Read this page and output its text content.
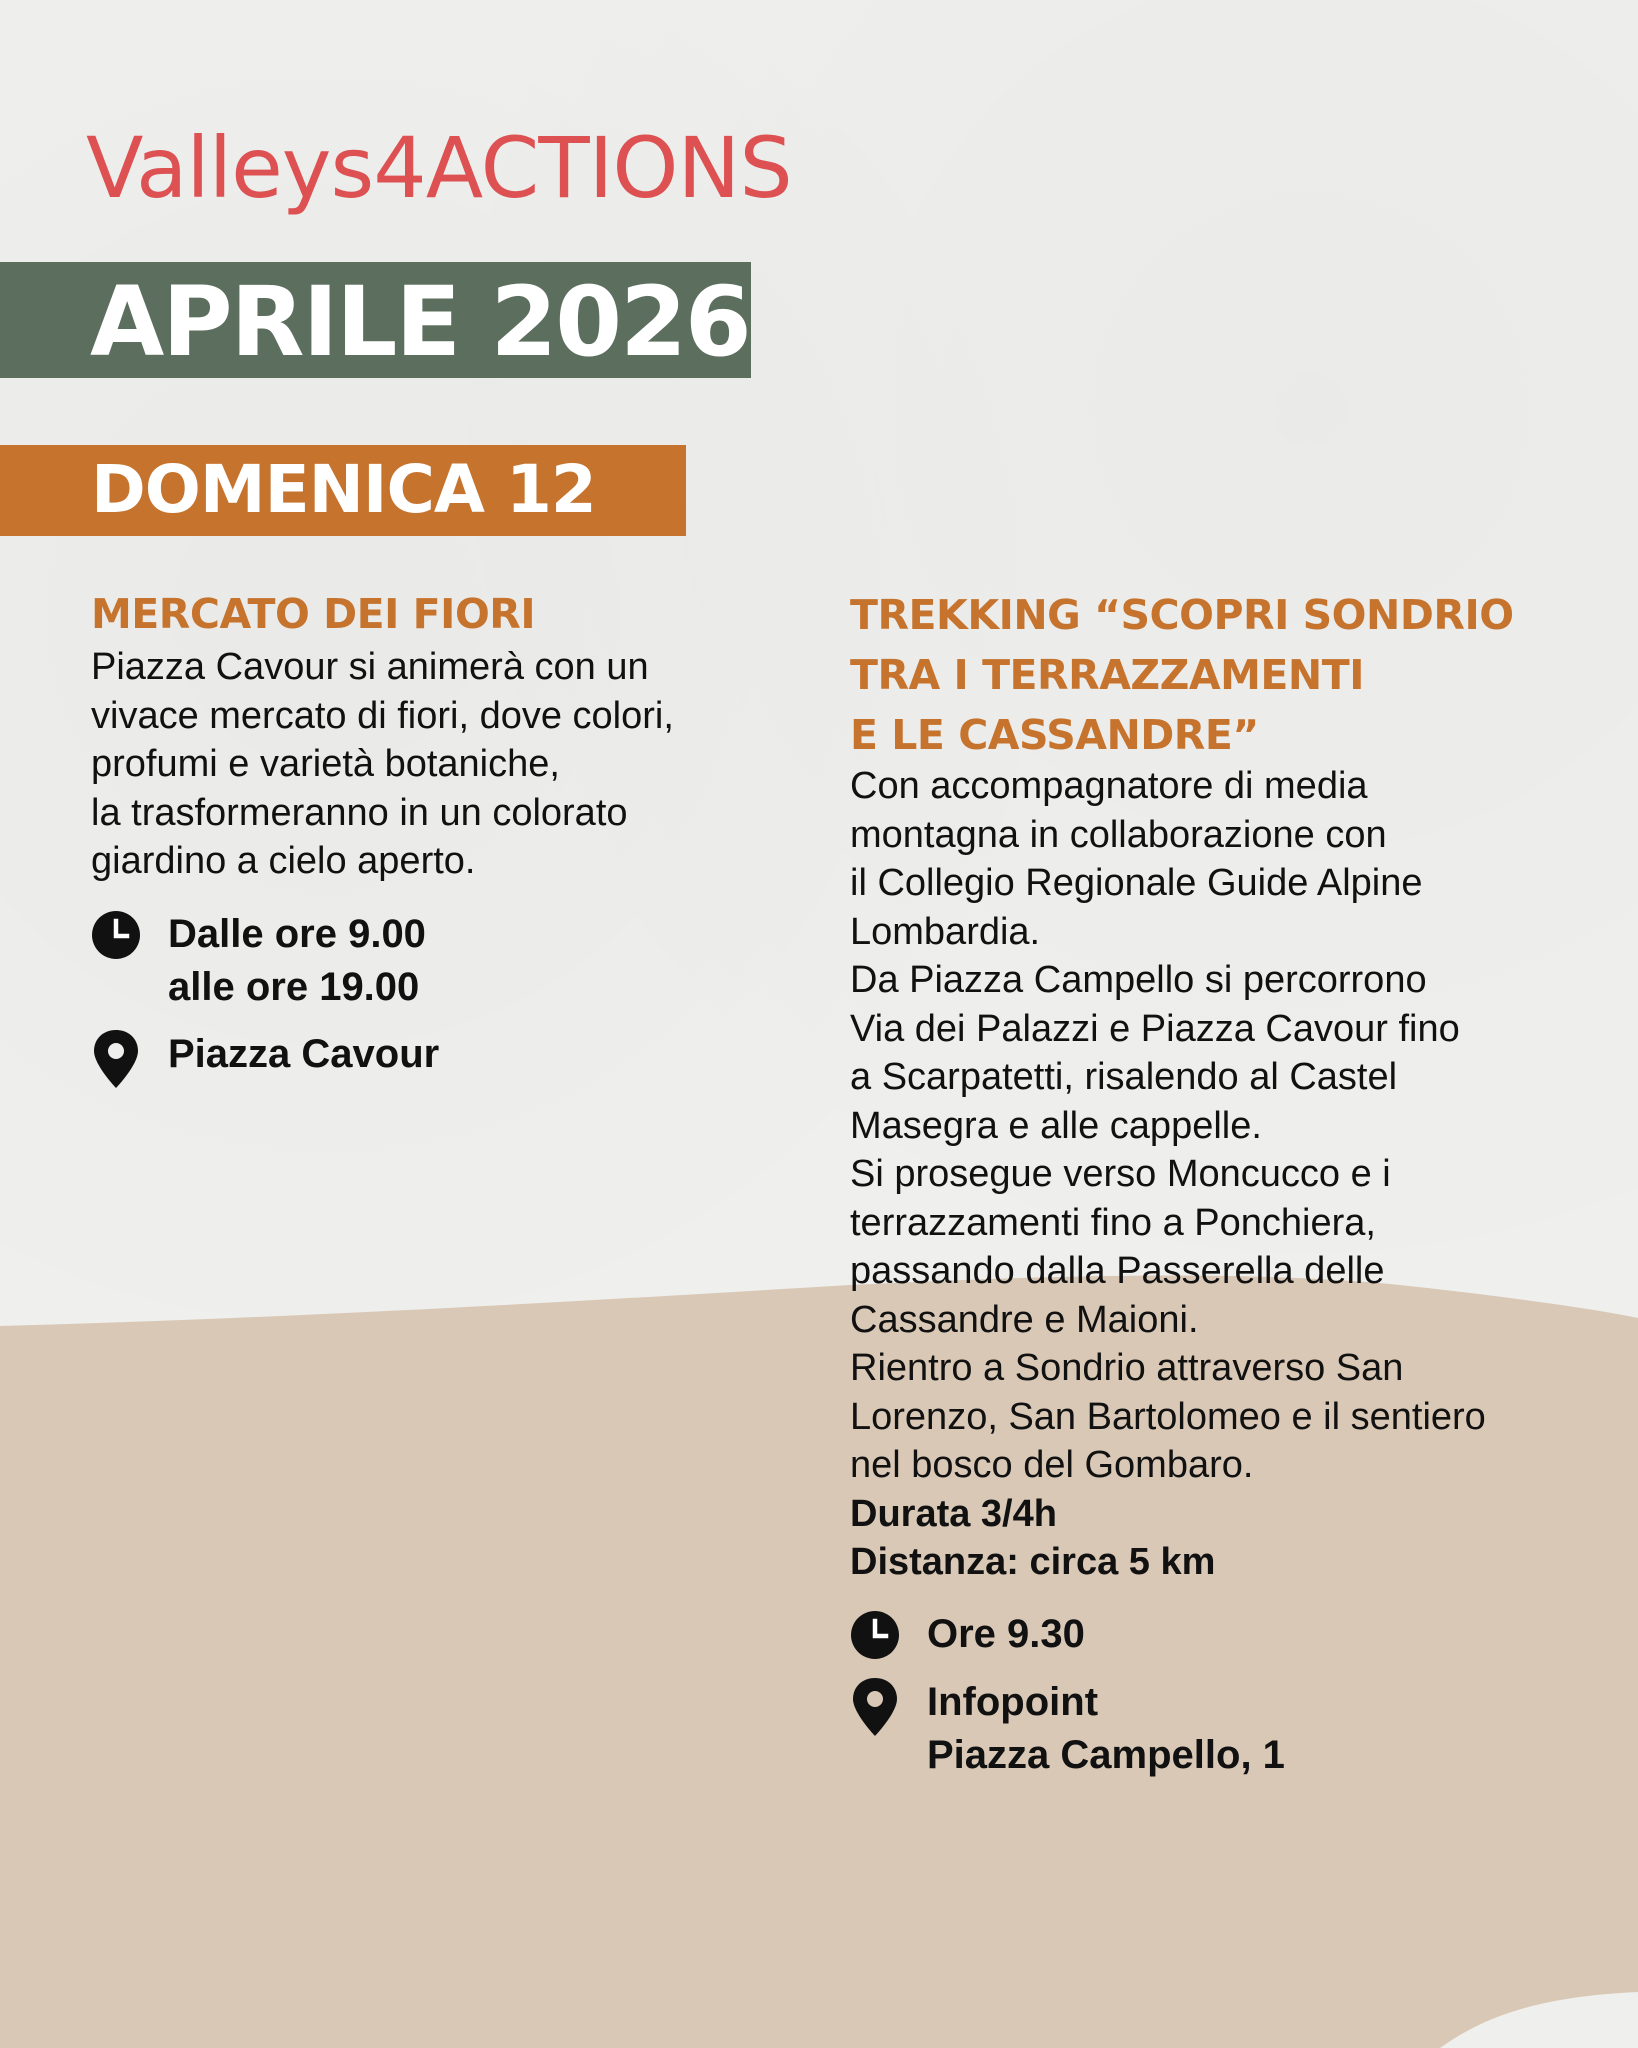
Valleys4ACTIONS
APRILE 2026
DOMENICA 12
MERCATO DEI FIORI
Piazza Cavour si animerà con un
vivace mercato di fiori, dove colori,
profumi e varietà botaniche,
la trasformeranno in un colorato
giardino a cielo aperto.
Dalle ore 9.00
alle ore 19.00
Piazza Cavour
TREKKING “SCOPRI SONDRIO
TRA I TERRAZZAMENTI
E LE CASSANDRE”
Con accompagnatore di media
montagna in collaborazione con
il Collegio Regionale Guide Alpine
Lombardia.
Da Piazza Campello si percorrono
Via dei Palazzi e Piazza Cavour fino
a Scarpatetti, risalendo al Castel
Masegra e alle cappelle.
Si prosegue verso Moncucco e i
terrazzamenti fino a Ponchiera,
passando dalla Passerella delle
Cassandre e Maioni.
Rientro a Sondrio attraverso San
Lorenzo, San Bartolomeo e il sentiero
nel bosco del Gombaro.
Durata 3/4h
Distanza: circa 5 km
Ore 9.30
Infopoint
Piazza Campello, 1
